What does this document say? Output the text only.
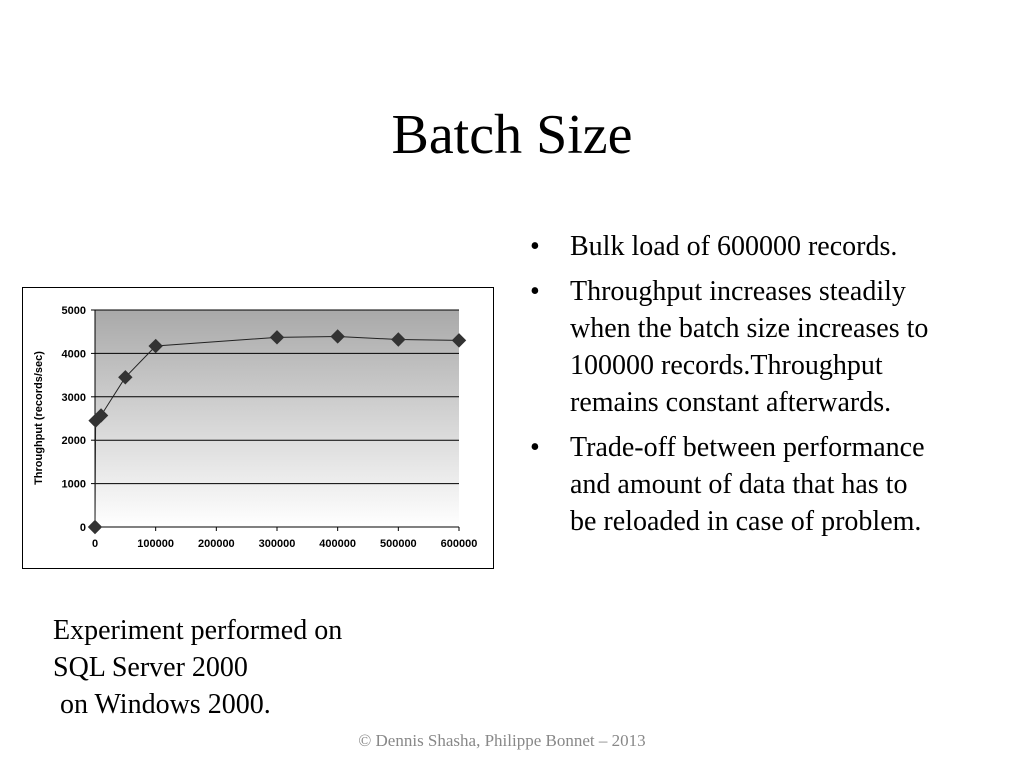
Batch Size
0
1000
2000
3000
4000
5000
0	100000 200000 300000 400000 500000 600000
Throughput (records/sec)
• Bulk load of 600000 records.
• Throughput increases steadily when the batch size increases to 100000 records.Throughput remains constant afterwards.
• Trade-off between performance and amount of data that has to be reloaded in case of problem.
Experiment performed on
SQL Server 2000
on Windows 2000.
© Dennis Shasha, Philippe Bonnet – 2013
